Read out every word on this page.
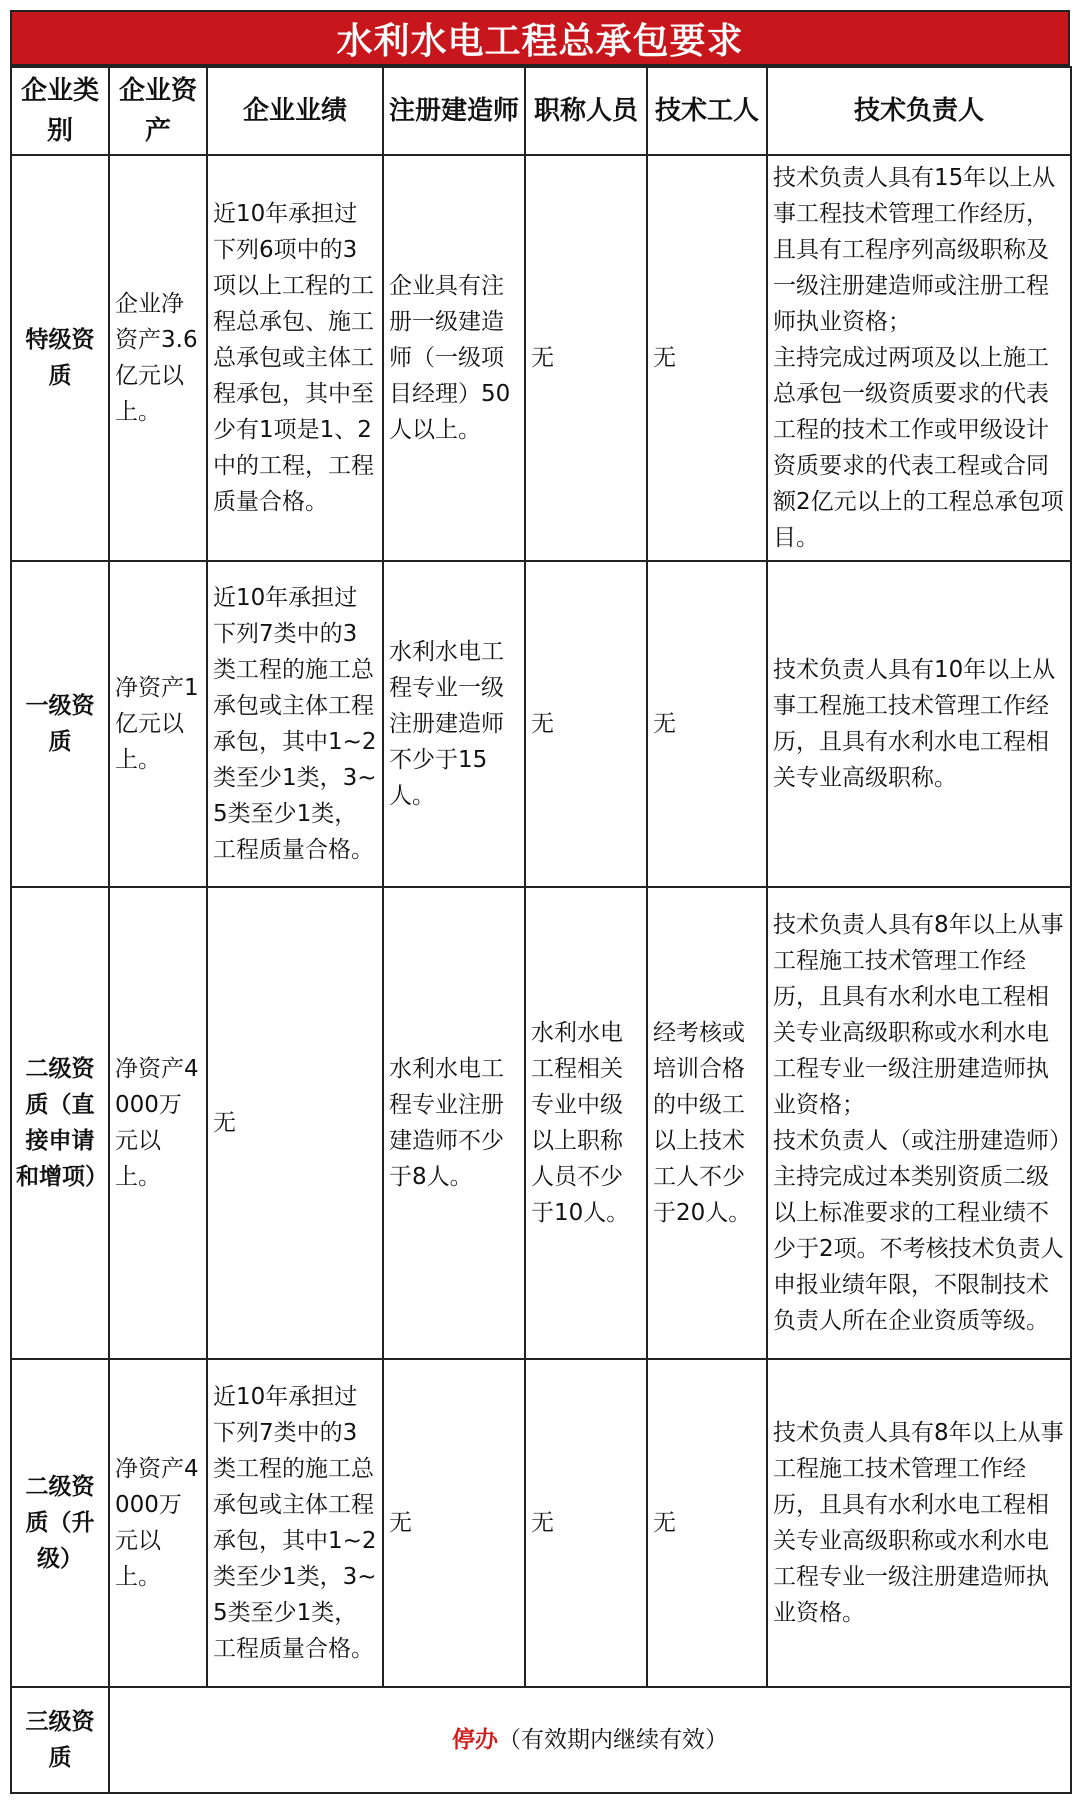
水利水电工程总承包要求
企业类别	企业资产	企业业绩	注册建造师	职称人员	技术工人	技术负责人
特级资质	企业净资产3.6亿元以上。	近10年承担过下列6项中的3项以上工程的工程总承包、施工总承包或主体工程承包，其中至少有1项是1、2中的工程，工程质量合格。	企业具有注册一级建造师（一级项目经理）50人以上。	无	无	技术负责人具有15年以上从事工程技术管理工作经历，且具有工程序列高级职称及一级注册建造师或注册工程师执业资格；
主持完成过两项及以上施工总承包一级资质要求的代表工程的技术工作或甲级设计资质要求的代表工程或合同额2亿元以上的工程总承包项目。
一级资质	净资产1亿元以上。	近10年承担过下列7类中的3类工程的施工总承包或主体工程承包，其中1~2类至少1类，3~5类至少1类，工程质量合格。	水利水电工程专业一级注册建造师不少于15人。	无	无	技术负责人具有10年以上从事工程施工技术管理工作经历，且具有水利水电工程相关专业高级职称。
二级资质（直接申请和增项）	净资产4000万元以上。	无	水利水电工程专业注册建造师不少于8人。	水利水电工程相关专业中级以上职称人员不少于10人。	经考核或培训合格的中级工以上技术工人不少于20人。	技术负责人具有8年以上从事工程施工技术管理工作经历，且具有水利水电工程相关专业高级职称或水利水电工程专业一级注册建造师执业资格；
技术负责人（或注册建造师）主持完成过本类别资质二级以上标准要求的工程业绩不少于2项。不考核技术负责人申报业绩年限，不限制技术负责人所在企业资质等级。
二级资质（升级）	净资产4000万元以上。	近10年承担过下列7类中的3类工程的施工总承包或主体工程承包，其中1~2类至少1类，3~5类至少1类，工程质量合格。	无	无	无	技术负责人具有8年以上从事工程施工技术管理工作经历，且具有水利水电工程相关专业高级职称或水利水电工程专业一级注册建造师执业资格。
三级资质	停办（有效期内继续有效）					
